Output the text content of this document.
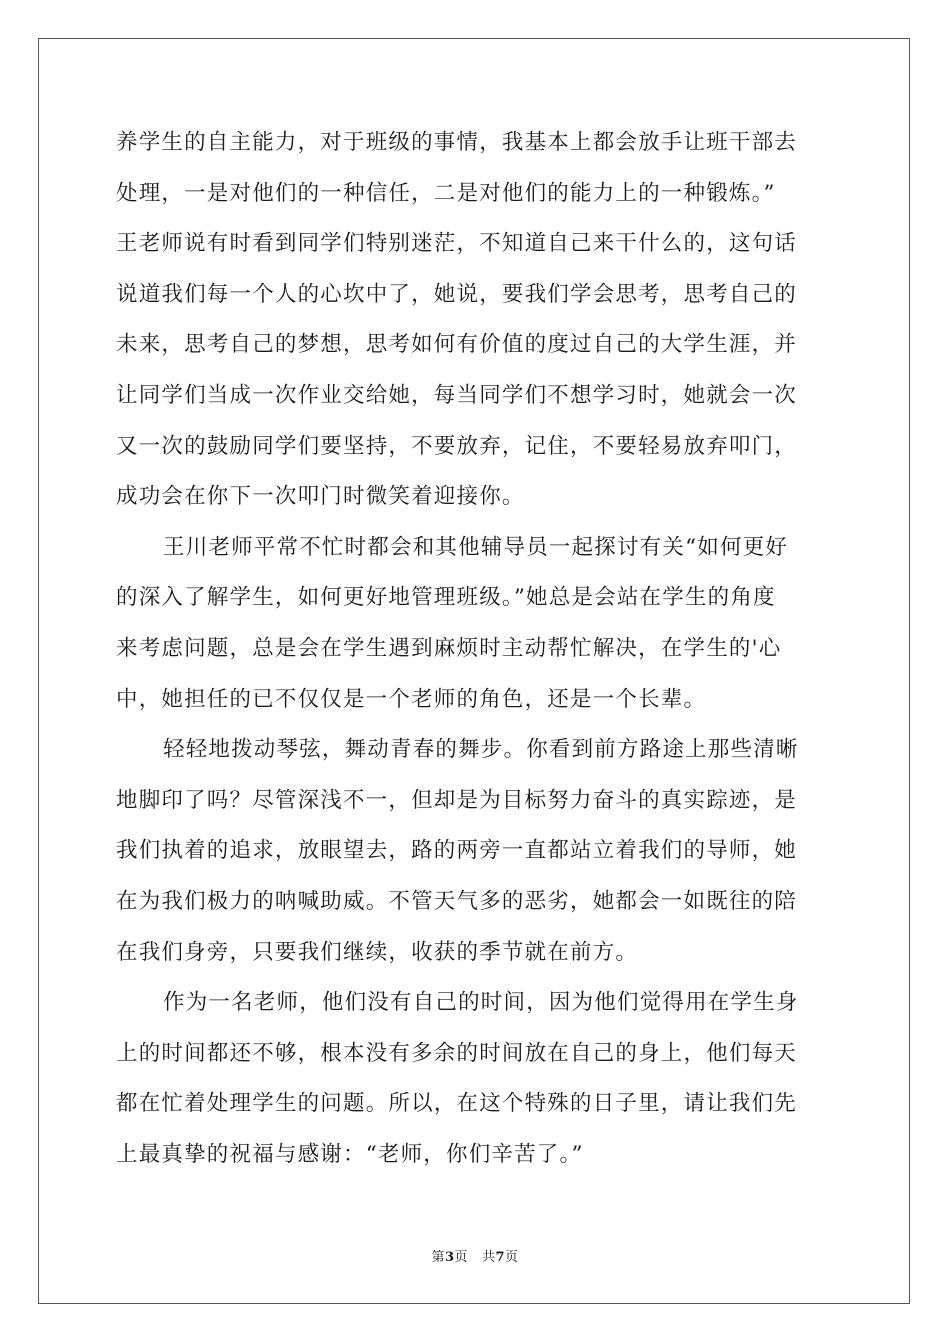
养学生的自主能力，对于班级的事情，我基本上都会放手让班干部去
处理，一是对他们的一种信任，二是对他们的能力上的一种锻炼。”
王老师说有时看到同学们特别迷茫，不知道自己来干什么的，这句话
说道我们每一个人的心坎中了，她说，要我们学会思考，思考自己的
未来，思考自己的梦想，思考如何有价值的度过自己的大学生涯，并
让同学们当成一次作业交给她，每当同学们不想学习时，她就会一次
又一次的鼓励同学们要坚持，不要放弃，记住，不要轻易放弃叩门，
成功会在你下一次叩门时微笑着迎接你。

王川老师平常不忙时都会和其他辅导员一起探讨有关“如何更好
的深入了解学生，如何更好地管理班级。”她总是会站在学生的角度
来考虑问题，总是会在学生遇到麻烦时主动帮忙解决，在学生的'心
中，她担任的已不仅仅是一个老师的角色，还是一个长辈。

轻轻地拨动琴弦，舞动青春的舞步。你看到前方路途上那些清晰
地脚印了吗？尽管深浅不一，但却是为目标努力奋斗的真实踪迹，是
我们执着的追求，放眼望去，路的两旁一直都站立着我们的导师，她
在为我们极力的呐喊助威。不管天气多的恶劣，她都会一如既往的陪
在我们身旁，只要我们继续，收获的季节就在前方。

作为一名老师，他们没有自己的时间，因为他们觉得用在学生身
上的时间都还不够，根本没有多余的时间放在自己的身上，他们每天
都在忙着处理学生的问题。所以，在这个特殊的日子里，请让我们先
上最真挚的祝福与感谢：“老师，你们辛苦了。”

第3页 共7页
